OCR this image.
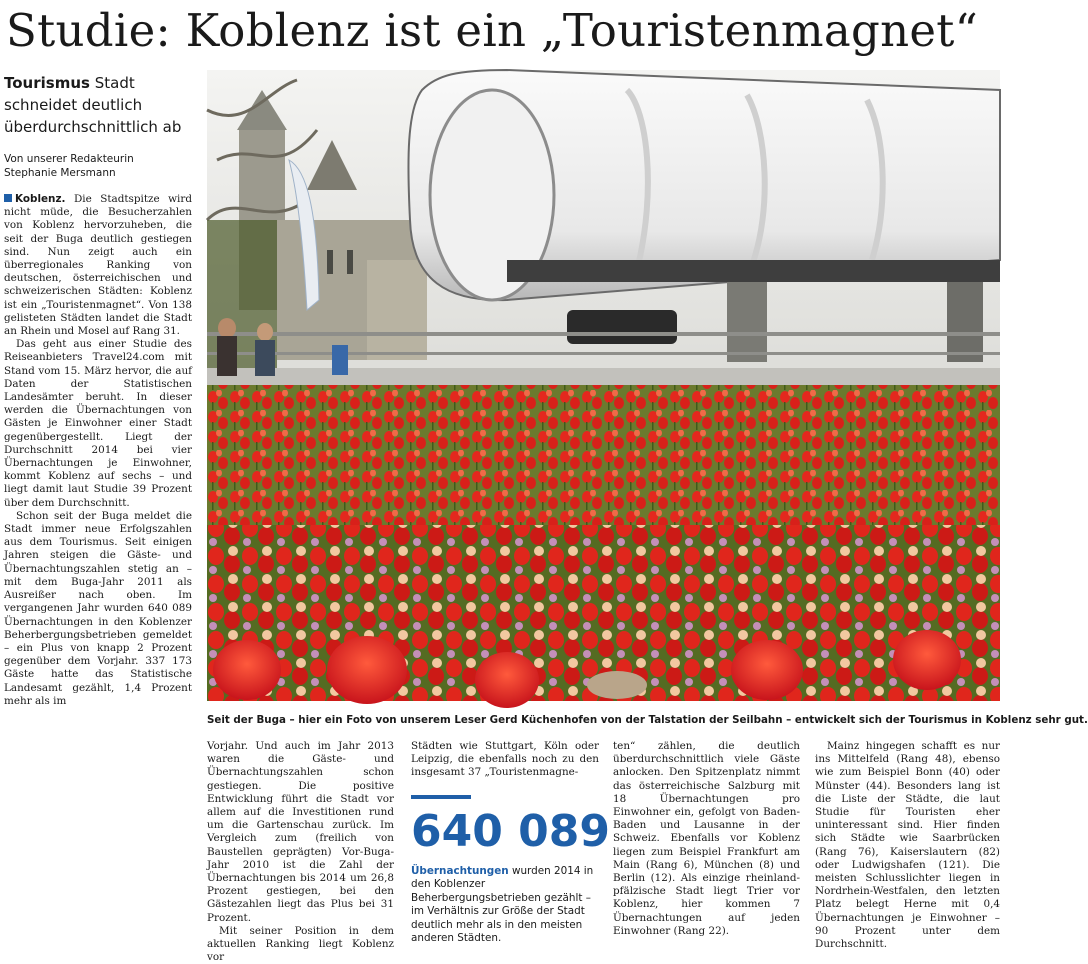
Studie: Koblenz ist ein „Touristenmagnet“
Tourismus Stadt schneidet deutlich überdurchschnittlich ab
Von unserer Redakteurin
Stephanie Mersmann

Koblenz. Die Stadtspitze wird nicht müde, die Besucherzahlen von Koblenz hervorzuheben, die seit der Buga deutlich gestiegen sind. Nun zeigt auch ein überregionales Ranking von deutschen, österreichischen und schweizerischen Städten: Koblenz ist ein „Touristenmagnet“. Von 138 gelisteten Städten landet die Stadt an Rhein und Mosel auf Rang 31.

Das geht aus einer Studie des Reiseanbieters Travel24.com mit Stand vom 15. März hervor, die auf Daten der Statistischen Landesämter beruht. In dieser werden die Übernachtungen von Gästen je Einwohner einer Stadt gegenübergestellt. Liegt der Durchschnitt 2014 bei vier Übernachtungen je Einwohner, kommt Koblenz auf sechs – und liegt damit laut Studie 39 Prozent über dem Durchschnitt.

Schon seit der Buga meldet die Stadt immer neue Erfolgszahlen aus dem Tourismus. Seit einigen Jahren steigen die Gäste- und Übernachtungszahlen stetig an – mit dem Buga-Jahr 2011 als Ausreißer nach oben. Im vergangenen Jahr wurden 640 089 Übernachtungen in den Koblenzer Beherbergungsbetrieben gemeldet – ein Plus von knapp 2 Prozent gegenüber dem Vorjahr. 337 173 Gäste hatte das Statistische Landesamt gezählt, 1,4 Prozent mehr als im

Seit der Buga – hier ein Foto von unserem Leser Gerd Küchenhofen von der Talstation der Seilbahn – entwickelt sich der Tourismus in Koblenz sehr gut.

Vorjahr. Und auch im Jahr 2013 waren die Gäste- und Übernachtungszahlen schon gestiegen. Die positive Entwicklung führt die Stadt vor allem auf die Investitionen rund um die Gartenschau zurück. Im Vergleich zum (freilich von Baustellen geprägten) Vor-Buga-Jahr 2010 ist die Zahl der Übernachtungen bis 2014 um 26,8 Prozent gestiegen, bei den Gästezahlen liegt das Plus bei 31 Prozent.

Mit seiner Position in dem aktuellen Ranking liegt Koblenz vor

Städten wie Stuttgart, Köln oder Leipzig, die ebenfalls noch zu den insgesamt 37 „Touristenmagne-

640 089
Übernachtungen wurden 2014 in den Koblenzer Beherbergungsbetrieben gezählt – im Verhältnis zur Größe der Stadt deutlich mehr als in den meisten anderen Städten.

ten“ zählen, die deutlich überdurchschnittlich viele Gäste anlocken. Den Spitzenplatz nimmt das österreichische Salzburg mit 18 Übernachtungen pro Einwohner ein, gefolgt von Baden-Baden und Lausanne in der Schweiz. Ebenfalls vor Koblenz liegen zum Beispiel Frankfurt am Main (Rang 6), München (8) und Berlin (12). Als einzige rheinland-pfälzische Stadt liegt Trier vor Koblenz, hier kommen 7 Übernachtungen auf jeden Einwohner (Rang 22).

Mainz hingegen schafft es nur ins Mittelfeld (Rang 48), ebenso wie zum Beispiel Bonn (40) oder Münster (44). Besonders lang ist die Liste der Städte, die laut Studie für Touristen eher uninteressant sind. Hier finden sich Städte wie Saarbrücken (Rang 76), Kaiserslautern (82) oder Ludwigshafen (121). Die meisten Schlusslichter liegen in Nordrhein-Westfalen, den letzten Platz belegt Herne mit 0,4 Übernachtungen je Einwohner – 90 Prozent unter dem Durchschnitt.
